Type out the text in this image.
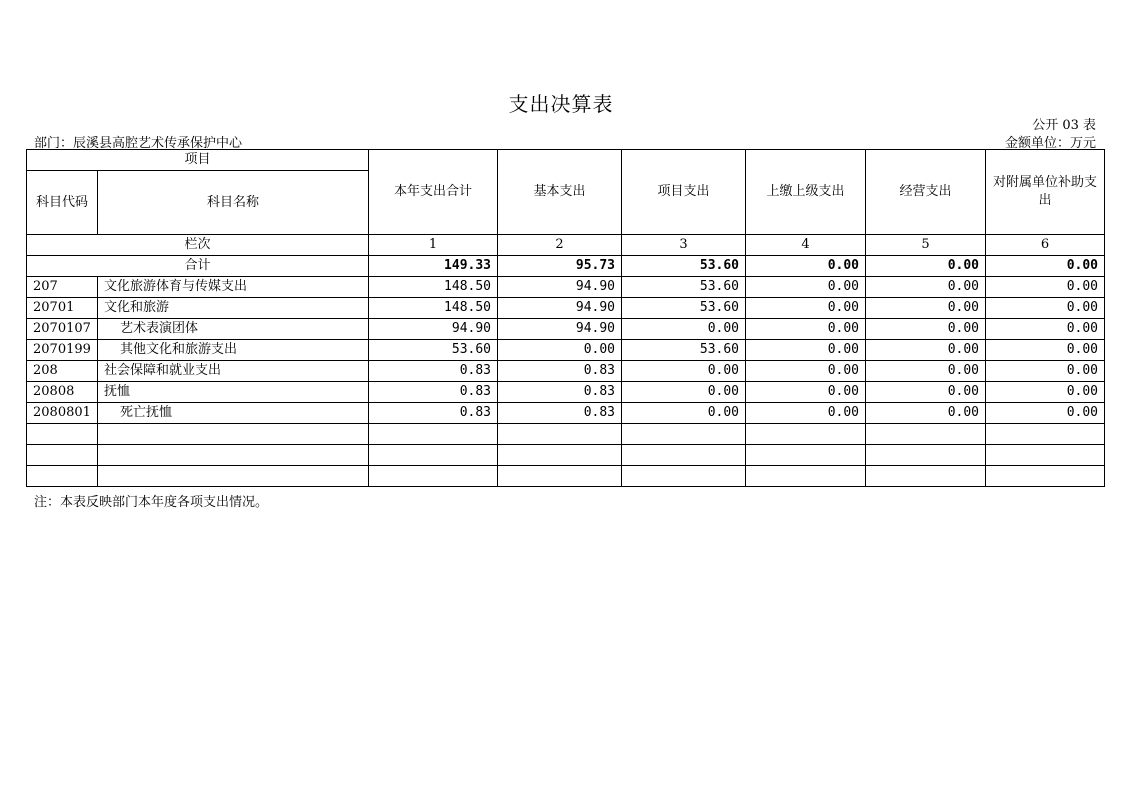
支出决算表
公开 03 表
部门：辰溪县高腔艺术传承保护中心	金额单位：万元
项目		本年支出合计	基本支出	项目支出	上缴上级支出	经营支出	对附属单位补助支出
科目代码	科目名称						
栏次		1	2	3	4	5	6
合计		149.33	95.73	53.60	0.00	0.00	0.00
207	文化旅游体育与传媒支出	148.50	94.90	53.60	0.00	0.00	0.00
20701	文化和旅游	148.50	94.90	53.60	0.00	0.00	0.00
2070107	艺术表演团体	94.90	94.90	0.00	0.00	0.00	0.00
2070199	其他文化和旅游支出	53.60	0.00	53.60	0.00	0.00	0.00
208	社会保障和就业支出	0.83	0.83	0.00	0.00	0.00	0.00
20808	抚恤	0.83	0.83	0.00	0.00	0.00	0.00
2080801	死亡抚恤	0.83	0.83	0.00	0.00	0.00	0.00

注：本表反映部门本年度各项支出情况。
